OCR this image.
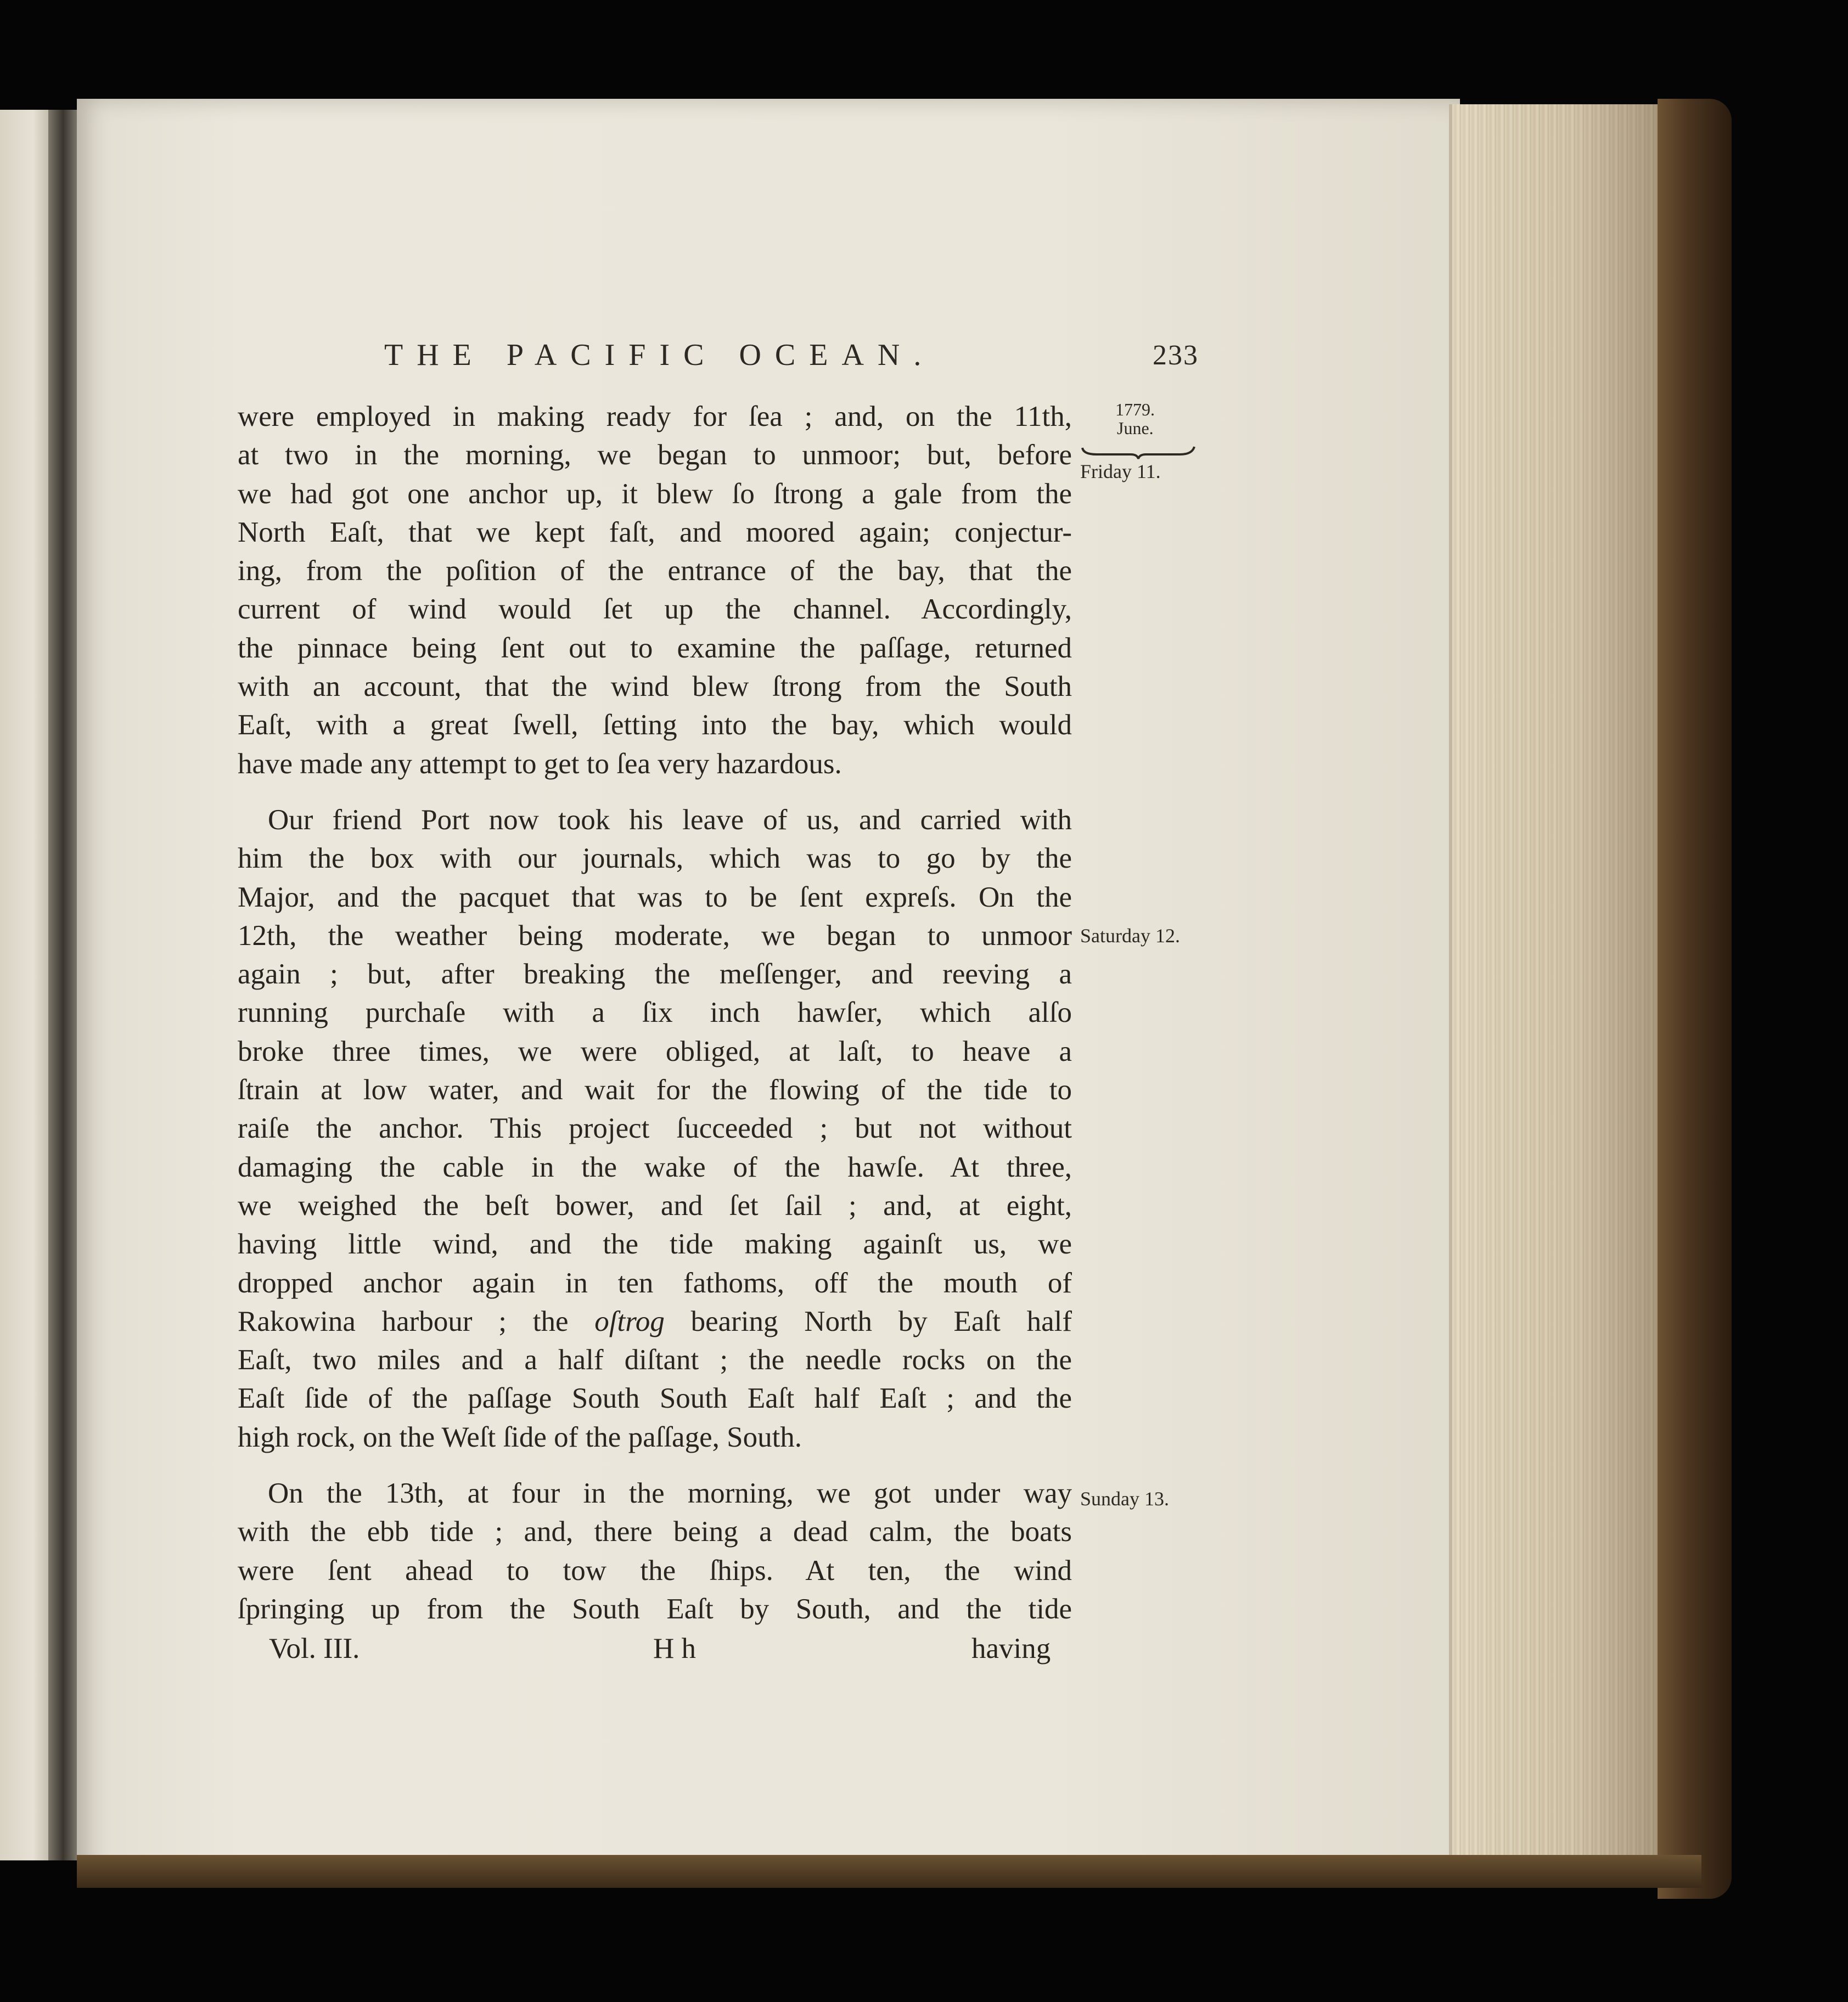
THE PACIFIC OCEAN.	233
1779.
June.
Friday 11.
Saturday 12.
Sunday 13.
were employed in making ready for ſea ; and, on the 11th,
at two in the morning, we began to unmoor; but, before
we had got one anchor up, it blew ſo ſtrong a gale from the
North Eaſt, that we kept faſt, and moored again; conjectur-
ing, from the poſition of the entrance of the bay, that the
current of wind would ſet up the channel. Accordingly,
the pinnace being ſent out to examine the paſſage, returned
with an account, that the wind blew ſtrong from the South
Eaſt, with a great ſwell, ſetting into the bay, which would
have made any attempt to get to ſea very hazardous.
Our friend Port now took his leave of us, and carried with
him the box with our journals, which was to go by the
Major, and the pacquet that was to be ſent expreſs. On the
12th, the weather being moderate, we began to unmoor
again ; but, after breaking the meſſenger, and reeving a
running purchaſe with a ſix inch hawſer, which alſo
broke three times, we were obliged, at laſt, to heave a
ſtrain at low water, and wait for the flowing of the tide to
raiſe the anchor. This project ſucceeded ; but not without
damaging the cable in the wake of the hawſe. At three,
we weighed the beſt bower, and ſet ſail ; and, at eight,
having little wind, and the tide making againſt us, we
dropped anchor again in ten fathoms, off the mouth of
Rakowina harbour ; the oſtrog bearing North by Eaſt half
Eaſt, two miles and a half diſtant ; the needle rocks on the
Eaſt ſide of the paſſage South South Eaſt half Eaſt ; and the
high rock, on the Weſt ſide of the paſſage, South.
On the 13th, at four in the morning, we got under way
with the ebb tide ; and, there being a dead calm, the boats
were ſent ahead to tow the ſhips. At ten, the wind
ſpringing up from the South Eaſt by South, and the tide
Vol. III.	H h	having
